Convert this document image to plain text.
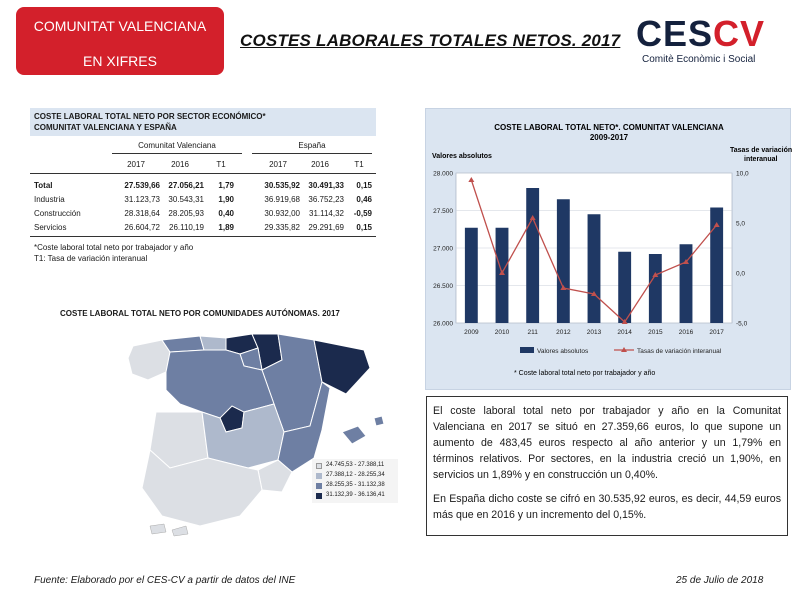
COMUNITAT VALENCIANA
EN XIFRES
COSTES LABORALES TOTALES NETOS. 2017 CESCV
Comitè Econòmic i Social
COSTE LABORAL TOTAL NETO POR SECTOR ECONÓMICO*
COMUNITAT VALENCIANA Y ESPAÑA
Comunitat Valenciana	España
2017	2016	T1	2017	2016	T1
Total	27.539,66	27.056,21	1,79	30.535,92	30.491,33	0,15
Industria	31.123,73	30.543,31	1,90	36.919,68	36.752,23	0,46
Construcción	28.318,64	28.205,93	0,40	30.932,00	31.114,32	-0,59
Servicios	26.604,72	26.110,19	1,89	29.335,82	29.291,69	0,15
*Coste laboral total neto por trabajador y año
T1: Tasa de variación interanual
COSTE LABORAL TOTAL NETO POR COMUNIDADES AUTÓNOMAS. 2017
24.745,53 - 27.388,11
27.388,12 - 28.255,34
28.255,35 - 31.132,38
31.132,39 - 36.136,41
COSTE LABORAL TOTAL NETO*. COMUNITAT VALENCIANA
2009-2017
Valores absolutos
Tasas de variación interanual
28.000
27.500
27.000
26.500
26.000
10,0
5,0
0,0
-5,0
2009 2010	211	2012 2013 2014 2015 2016 2017
Valores absolutos	Tasas de variación interanual
* Coste laboral total neto por trabajador y año

El coste laboral total neto por trabajador y año en la Comunitat Valenciana en 2017 se situó en 27.359,66 euros, lo que supone un aumento de 483,45 euros respecto al año anterior y un 1,79% en términos relativos. Por sectores, en la industria creció un 1,90%, en servicios un 1,89% y en construcción un 0,40%.

En España dicho coste se cifró en 30.535,92 euros, es decir, 44,59 euros más que en 2016 y un incremento del 0,15%.

Fuente: Elaborado por el CES-CV a partir de datos del INE	25 de Julio de 2018
